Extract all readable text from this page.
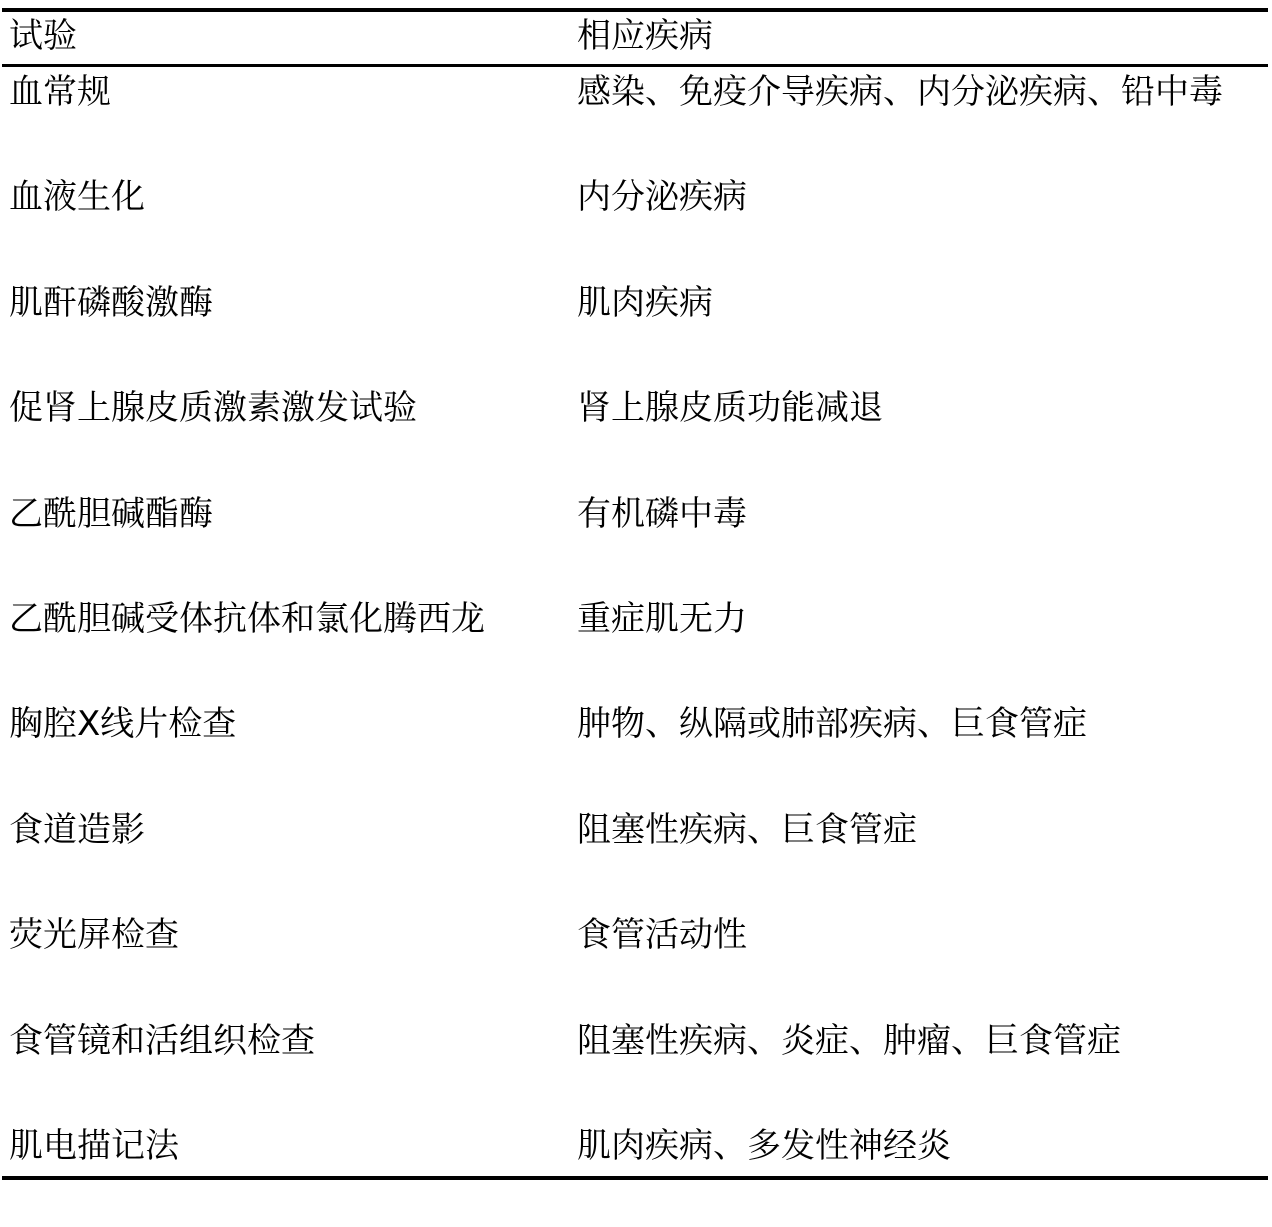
试验	相应疾病
血常规	感染、免疫介导疾病、内分泌疾病、铅中毒
血液生化	内分泌疾病
肌酐磷酸激酶	肌肉疾病
促肾上腺皮质激素激发试验	肾上腺皮质功能减退
乙酰胆碱酯酶	有机磷中毒
乙酰胆碱受体抗体和氯化腾西龙	重症肌无力
胸腔X线片检查	肿物、纵隔或肺部疾病、巨食管症
食道造影	阻塞性疾病、巨食管症
荧光屏检查	食管活动性
食管镜和活组织检查	阻塞性疾病、炎症、肿瘤、巨食管症
肌电描记法	肌肉疾病、多发性神经炎
